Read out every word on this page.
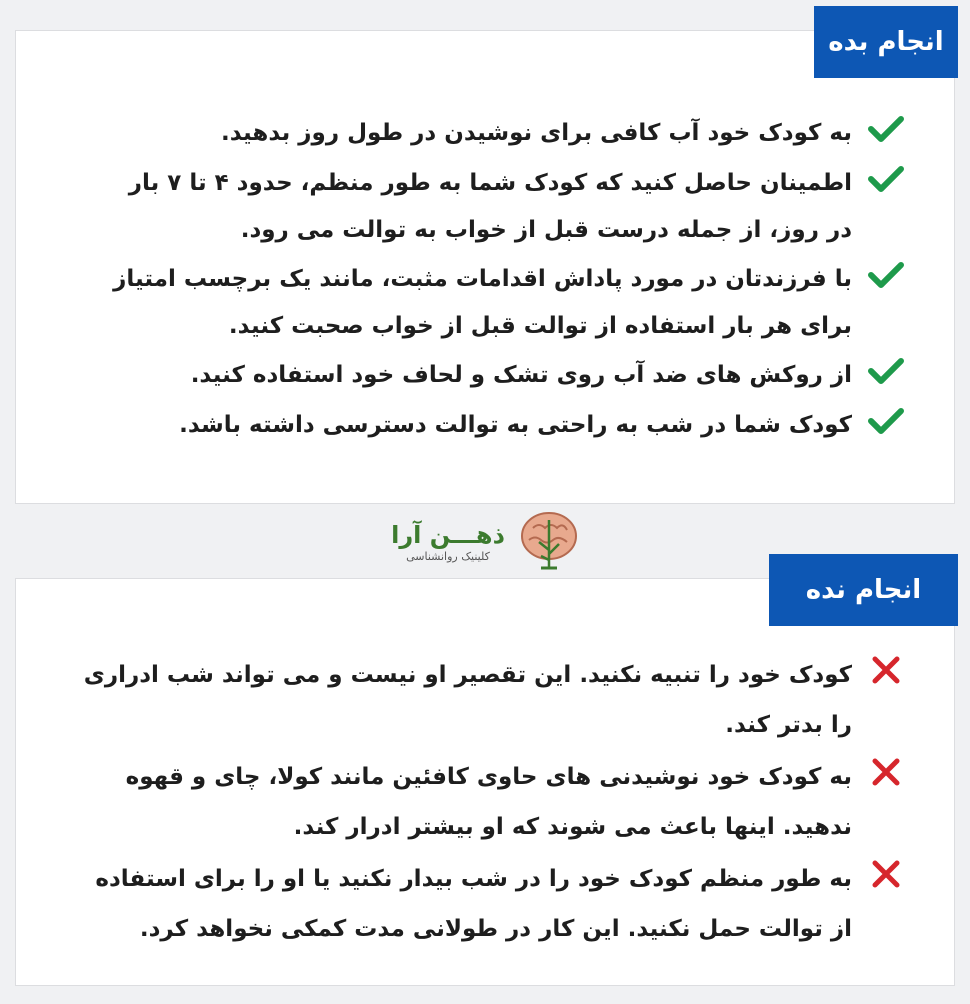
انجام بده
به کودک خود آب کافی برای نوشیدن در طول روز بدهید.
اطمینان حاصل کنید که کودک شما به طور منظم، حدود ۴ تا ۷ بار در روز، از جمله درست قبل از خواب به توالت می رود.
با فرزندتان در مورد پاداش اقدامات مثبت، مانند یک برچسب امتیاز برای هر بار استفاده از توالت قبل از خواب صحبت کنید.
از روکش های ضد آب روی تشک و لحاف خود استفاده کنید.
کودک شما در شب به راحتی به توالت دسترسی داشته باشد.
ذهـــن آرا
کلینیک روانشناسی
انجام نده
کودک خود را تنبیه نکنید. این تقصیر او نیست و می تواند شب ادراری را بدتر کند.
به کودک خود نوشیدنی های حاوی کافئین مانند کولا، چای و قهوه ندهید. اینها باعث می شوند که او بیشتر ادرار کند.
به طور منظم کودک خود را در شب بیدار نکنید یا او را برای استفاده از توالت حمل نکنید. این کار در طولانی مدت کمکی نخواهد کرد.
